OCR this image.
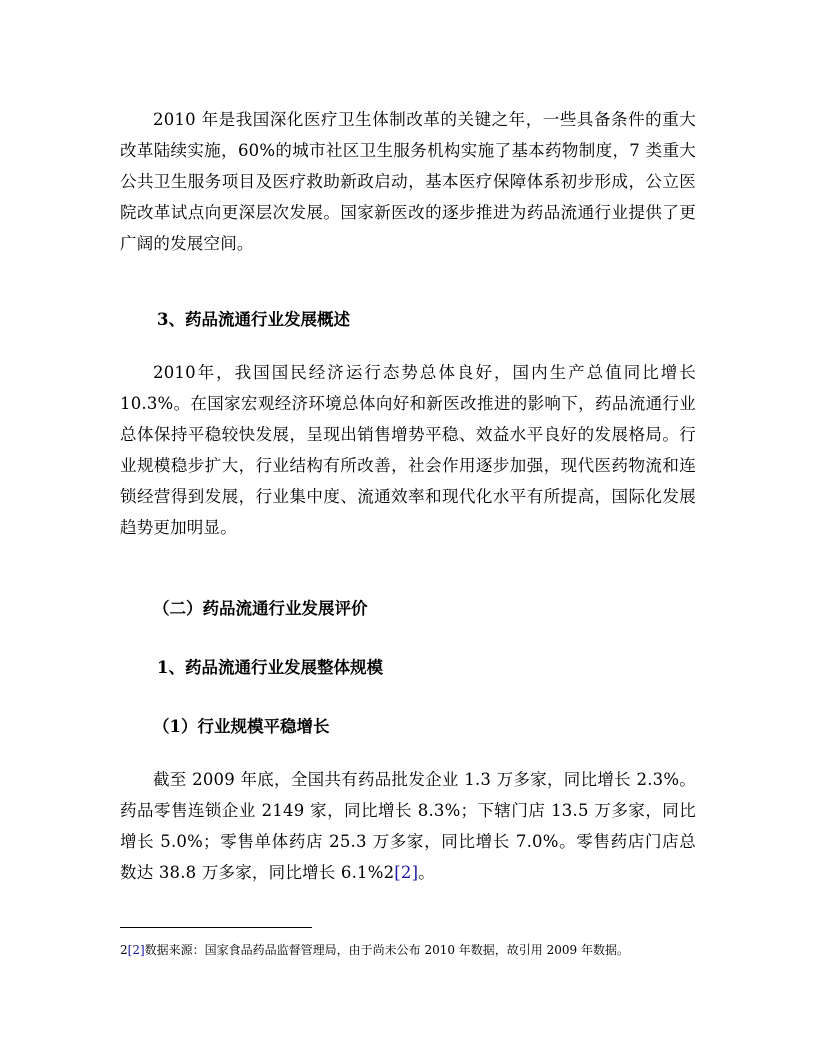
2010 年是我国深化医疗卫生体制改革的关键之年，一些具备条件的重大改革陆续实施，60%的城市社区卫生服务机构实施了基本药物制度，7 类重大公共卫生服务项目及医疗救助新政启动，基本医疗保障体系初步形成，公立医院改革试点向更深层次发展。国家新医改的逐步推进为药品流通行业提供了更广阔的发展空间。

3、药品流通行业发展概述

2010年，我国国民经济运行态势总体良好，国内生产总值同比增长 10.3%。在国家宏观经济环境总体向好和新医改推进的影响下，药品流通行业总体保持平稳较快发展，呈现出销售增势平稳、效益水平良好的发展格局。行业规模稳步扩大，行业结构有所改善，社会作用逐步加强，现代医药物流和连锁经营得到发展，行业集中度、流通效率和现代化水平有所提高，国际化发展趋势更加明显。

（二）药品流通行业发展评价

1、药品流通行业发展整体规模

（1）行业规模平稳增长

截至 2009 年底，全国共有药品批发企业 1.3 万多家，同比增长 2.3%。药品零售连锁企业 2149 家，同比增长 8.3%；下辖门店 13.5 万多家，同比增长 5.0%；零售单体药店 25.3 万多家，同比增长 7.0%。零售药店门店总数达 38.8 万多家，同比增长 6.1%2[2]。

2[2]数据来源：国家食品药品监督管理局，由于尚未公布 2010 年数据，故引用 2009 年数据。
